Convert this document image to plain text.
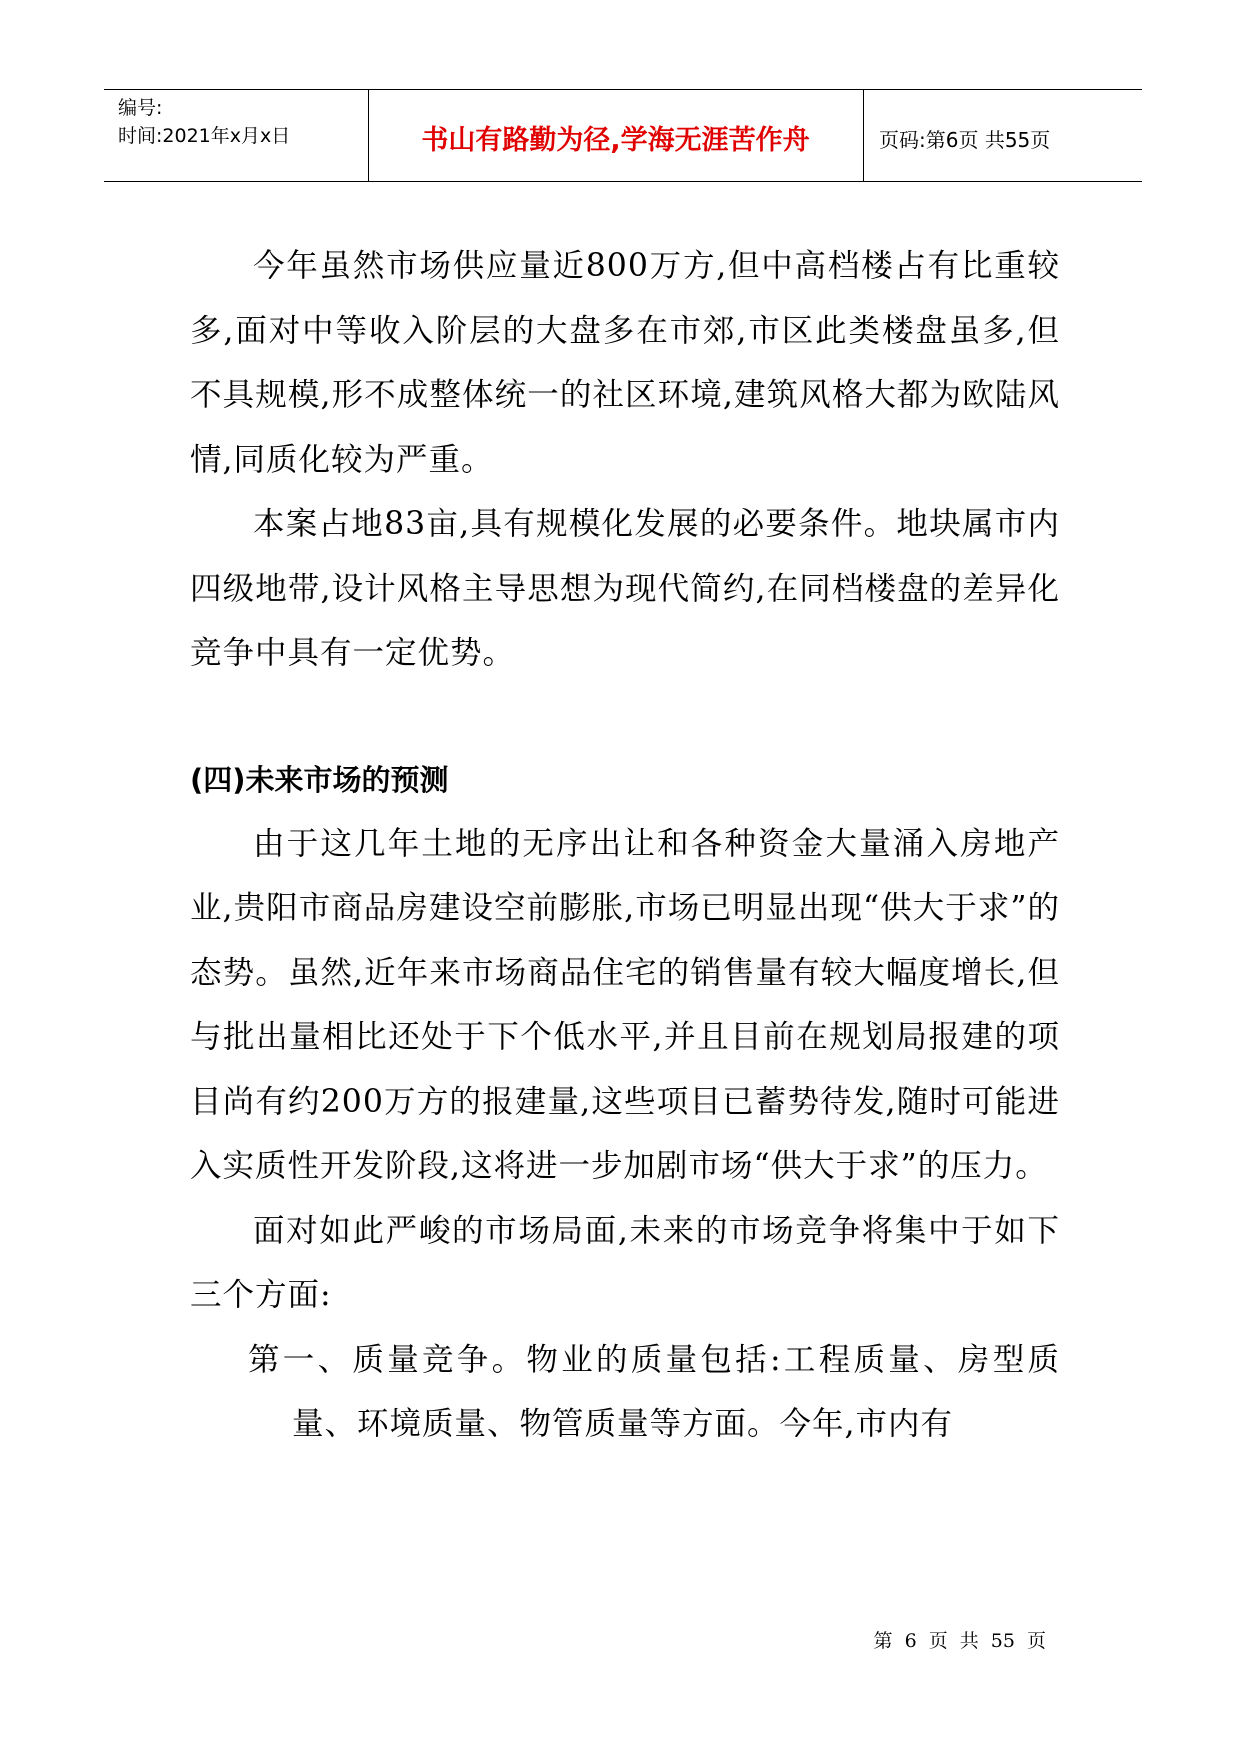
编号:
时间:2021年x月x日	书山有路勤为径,学海无涯苦作舟	页码:第6页 共55页

今年虽然市场供应量近800万方,但中高档楼占有比重较多,面对中等收入阶层的大盘多在市郊,市区此类楼盘虽多,但不具规模,形不成整体统一的社区环境,建筑风格大都为欧陆风情,同质化较为严重。

本案占地83亩,具有规模化发展的必要条件。地块属市内四级地带,设计风格主导思想为现代简约,在同档楼盘的差异化竞争中具有一定优势。

(四)未来市场的预测

由于这几年土地的无序出让和各种资金大量涌入房地产业,贵阳市商品房建设空前膨胀,市场已明显出现“供大于求”的态势。虽然,近年来市场商品住宅的销售量有较大幅度增长,但与批出量相比还处于下个低水平,并且目前在规划局报建的项目尚有约200万方的报建量,这些项目已蓄势待发,随时可能进入实质性开发阶段,这将进一步加剧市场“供大于求”的压力。

面对如此严峻的市场局面,未来的市场竞争将集中于如下三个方面:

第一、质量竞争。物业的质量包括:工程质量、房型质量、环境质量、物管质量等方面。今年,市内有

第 6 页 共 55 页
